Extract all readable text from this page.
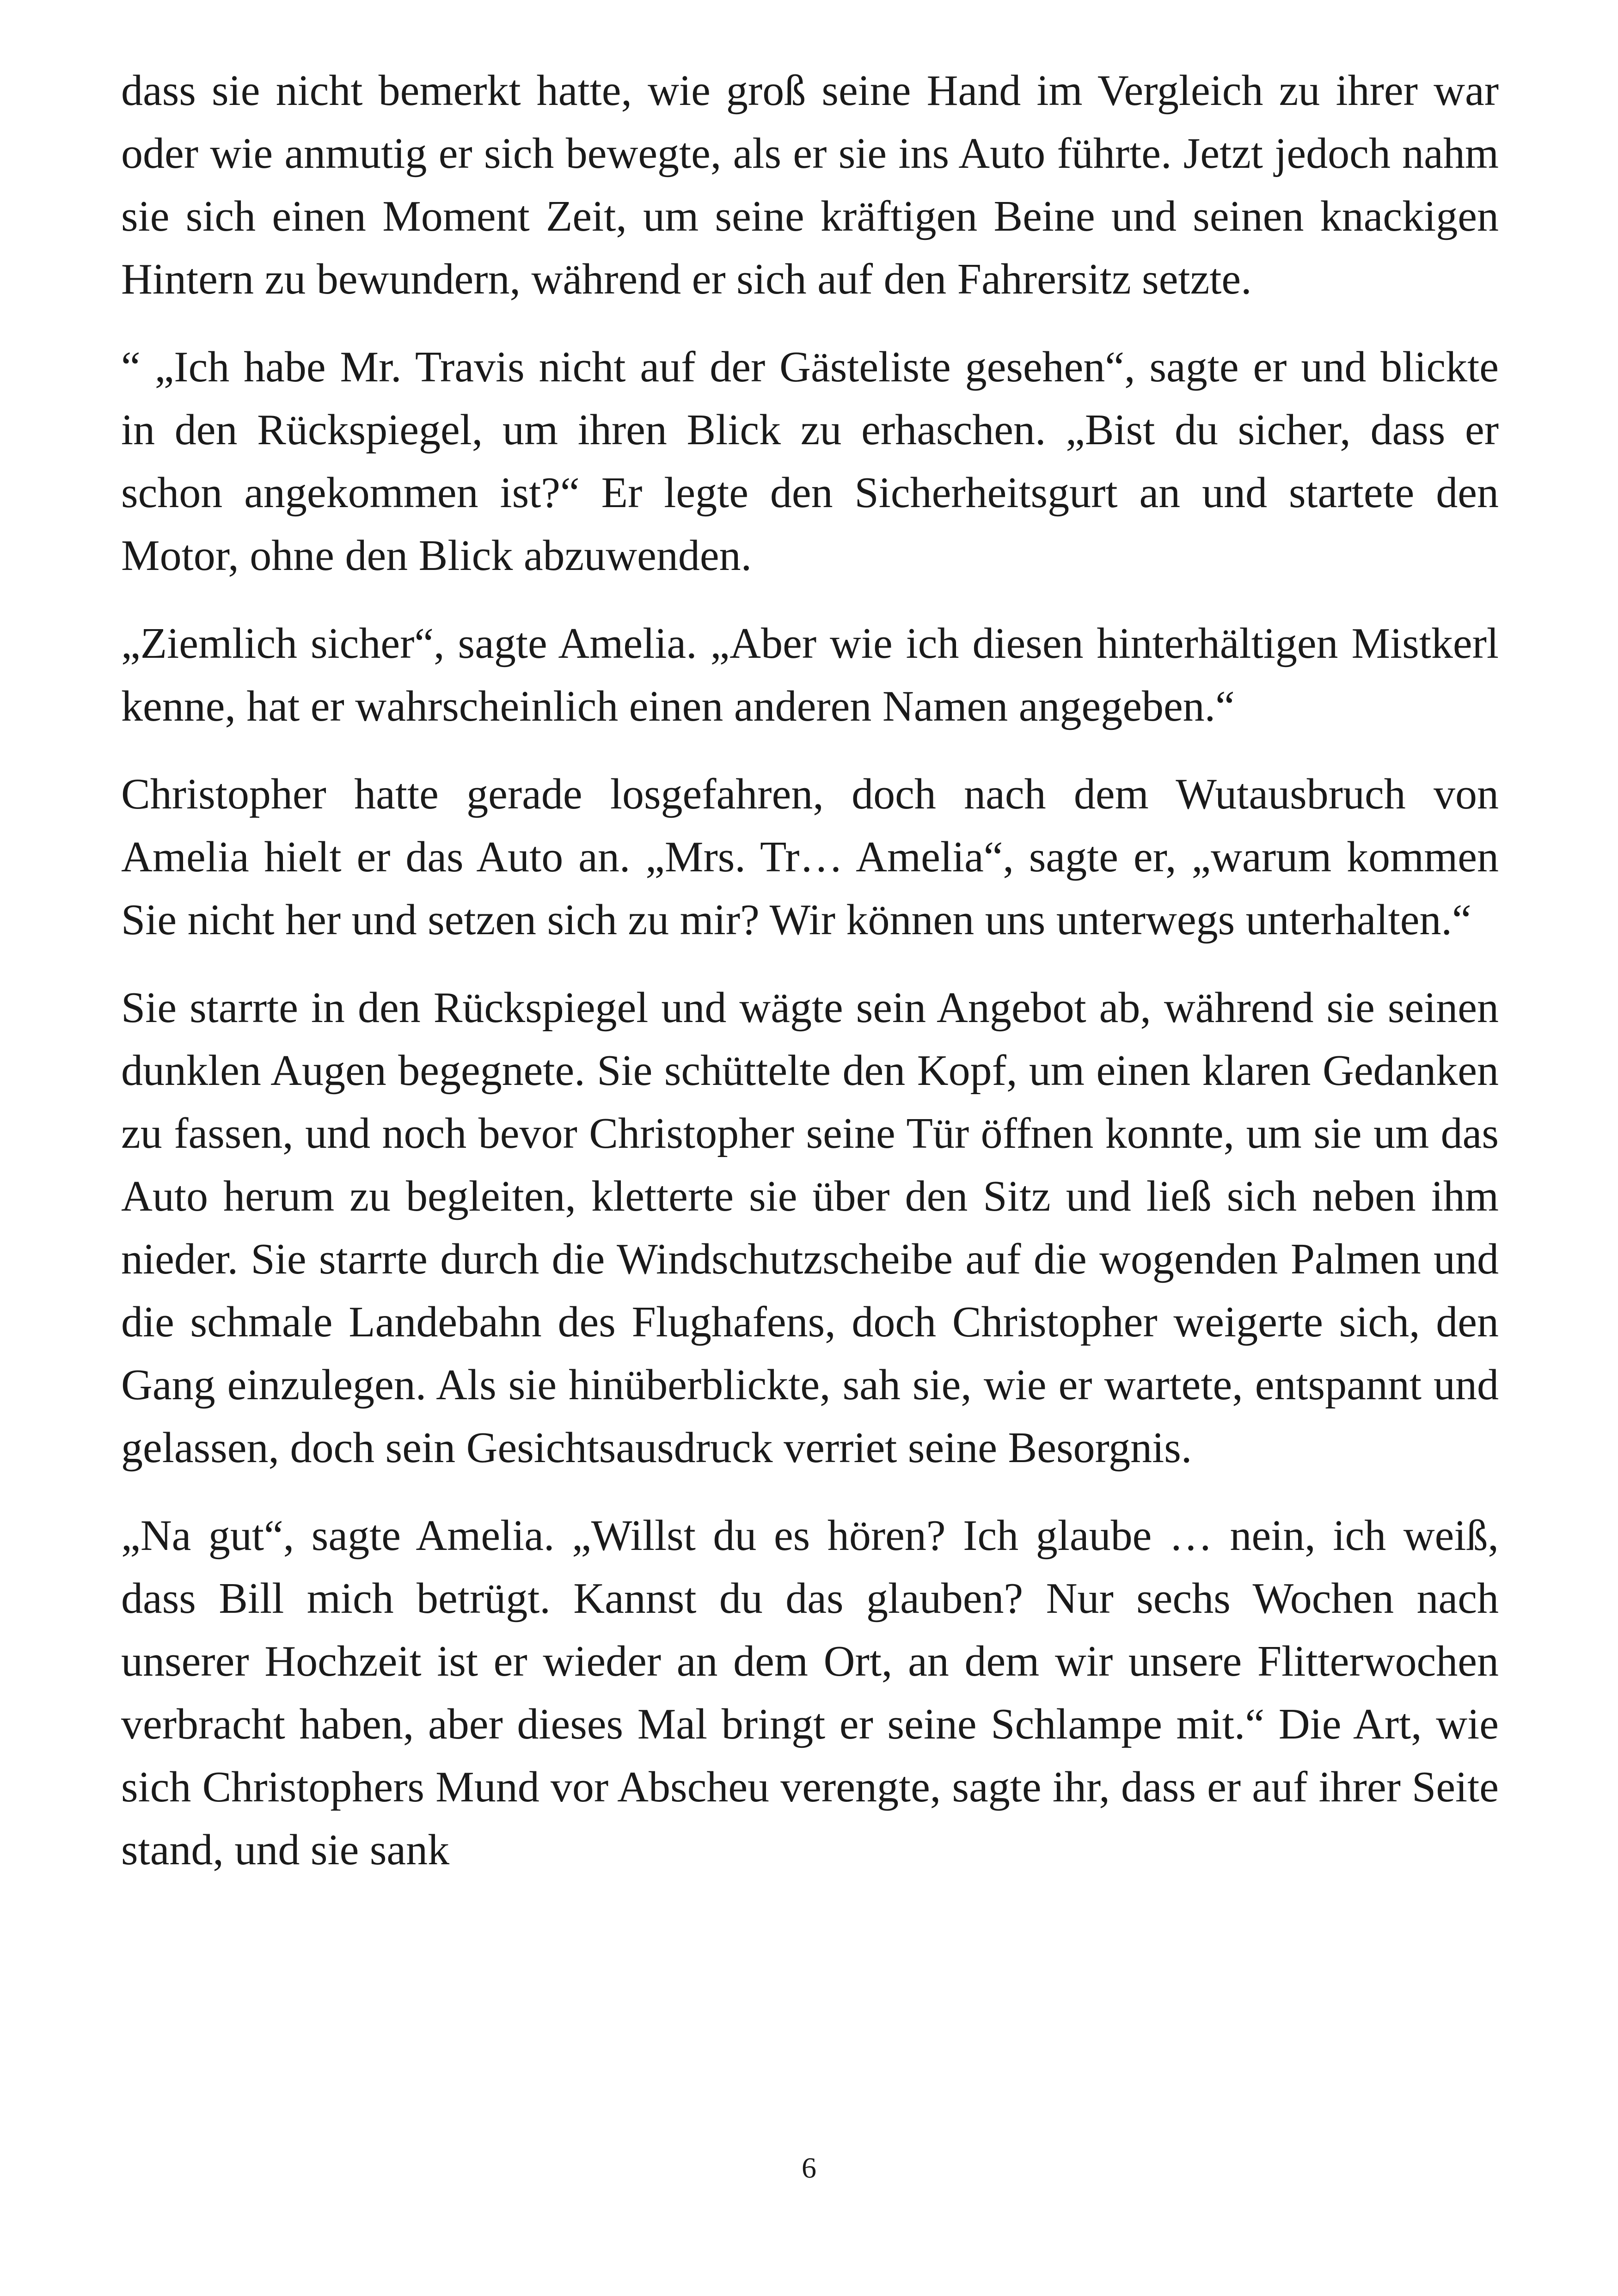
dass sie nicht bemerkt hatte, wie groß seine Hand im Vergleich zu ihrer war oder wie anmutig er sich bewegte, als er sie ins Auto führte. Jetzt jedoch nahm sie sich einen Moment Zeit, um seine kräftigen Beine und seinen knackigen Hintern zu bewundern, während er sich auf den Fahrersitz setzte.

“ „Ich habe Mr. Travis nicht auf der Gästeliste gesehen“, sagte er und blickte in den Rückspiegel, um ihren Blick zu erhaschen. „Bist du sicher, dass er schon angekommen ist?“ Er legte den Sicherheitsgurt an und startete den Motor, ohne den Blick abzuwenden.

„Ziemlich sicher“, sagte Amelia. „Aber wie ich diesen hinterhältigen Mistkerl kenne, hat er wahrscheinlich einen anderen Namen angegeben.“

Christopher hatte gerade losgefahren, doch nach dem Wutausbruch von Amelia hielt er das Auto an. „Mrs. Tr… Amelia“, sagte er, „warum kommen Sie nicht her und setzen sich zu mir? Wir können uns unterwegs unterhalten.“

Sie starrte in den Rückspiegel und wägte sein Angebot ab, während sie seinen dunklen Augen begegnete. Sie schüttelte den Kopf, um einen klaren Gedanken zu fassen, und noch bevor Christopher seine Tür öffnen konnte, um sie um das Auto herum zu begleiten, kletterte sie über den Sitz und ließ sich neben ihm nieder. Sie starrte durch die Windschutzscheibe auf die wogenden Palmen und die schmale Landebahn des Flughafens, doch Christopher weigerte sich, den Gang einzulegen. Als sie hinüberblickte, sah sie, wie er wartete, entspannt und gelassen, doch sein Gesichtsausdruck verriet seine Besorgnis.

„Na gut“, sagte Amelia. „Willst du es hören? Ich glaube … nein, ich weiß, dass Bill mich betrügt. Kannst du das glauben? Nur sechs Wochen nach unserer Hochzeit ist er wieder an dem Ort, an dem wir unsere Flitterwochen verbracht haben, aber dieses Mal bringt er seine Schlampe mit.“ Die Art, wie sich Christophers Mund vor Abscheu verengte, sagte ihr, dass er auf ihrer Seite stand, und sie sank

6
